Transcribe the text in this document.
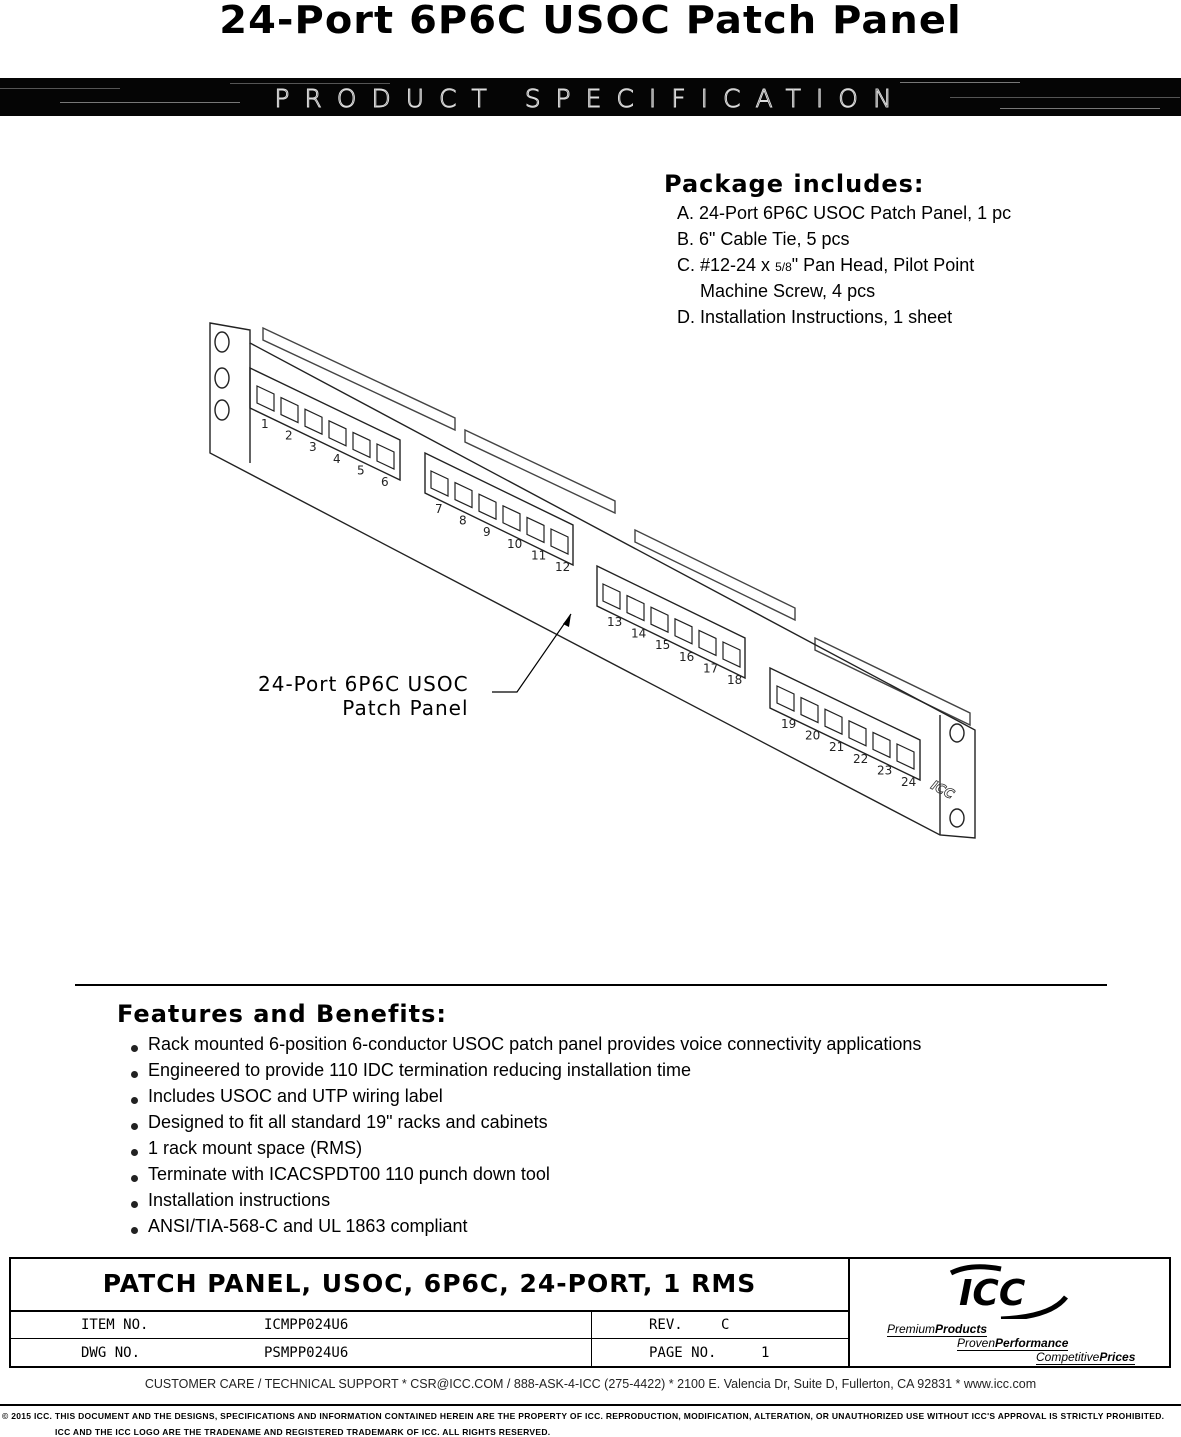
24-Port 6P6C USOC Patch Panel
PRODUCT SPECIFICATION
Package includes:
A. 24-Port 6P6C USOC Patch Panel, 1 pc
B. 6" Cable Tie, 5 pcs
C. #12-24 x 5/8" Pan Head, Pilot Point
Machine Screw, 4 pcs
D. Installation Instructions, 1 sheet
1
2
3
4
5
6
7
8
9
10
11
12
13
14
15
16
17
18
19
20
21
22
23
24 ICC
24-Port 6P6C USOC
Patch Panel
Features and Benefits:
Rack mounted 6-position 6-conductor USOC patch panel provides voice connectivity applications
Engineered to provide 110 IDC termination reducing installation time
Includes USOC and UTP wiring label
Designed to fit all standard 19" racks and cabinets
1 rack mount space (RMS)
Terminate with ICACSPDT00 110 punch down tool
Installation instructions
ANSI/TIA-568-C and UL 1863 compliant
PATCH PANEL, USOC, 6P6C, 24-PORT, 1 RMS
ITEM NO.	ICMPP024U6	REV.	C
DWG NO.	PSMPP024U6	PAGE NO.	1
ICC
PremiumProducts
ProvenPerformance
CompetitivePrices
CUSTOMER CARE / TECHNICAL SUPPORT * CSR@ICC.COM / 888-ASK-4-ICC (275-4422) * 2100 E. Valencia Dr, Suite D, Fullerton, CA 92831 * www.icc.com
© 2015 ICC. THIS DOCUMENT AND THE DESIGNS, SPECIFICATIONS AND INFORMATION CONTAINED HEREIN ARE THE PROPERTY OF ICC. REPRODUCTION, MODIFICATION, ALTERATION, OR UNAUTHORIZED USE WITHOUT ICC'S APPROVAL IS STRICTLY PROHIBITED.
ICC AND THE ICC LOGO ARE THE TRADENAME AND REGISTERED TRADEMARK OF ICC. ALL RIGHTS RESERVED.
